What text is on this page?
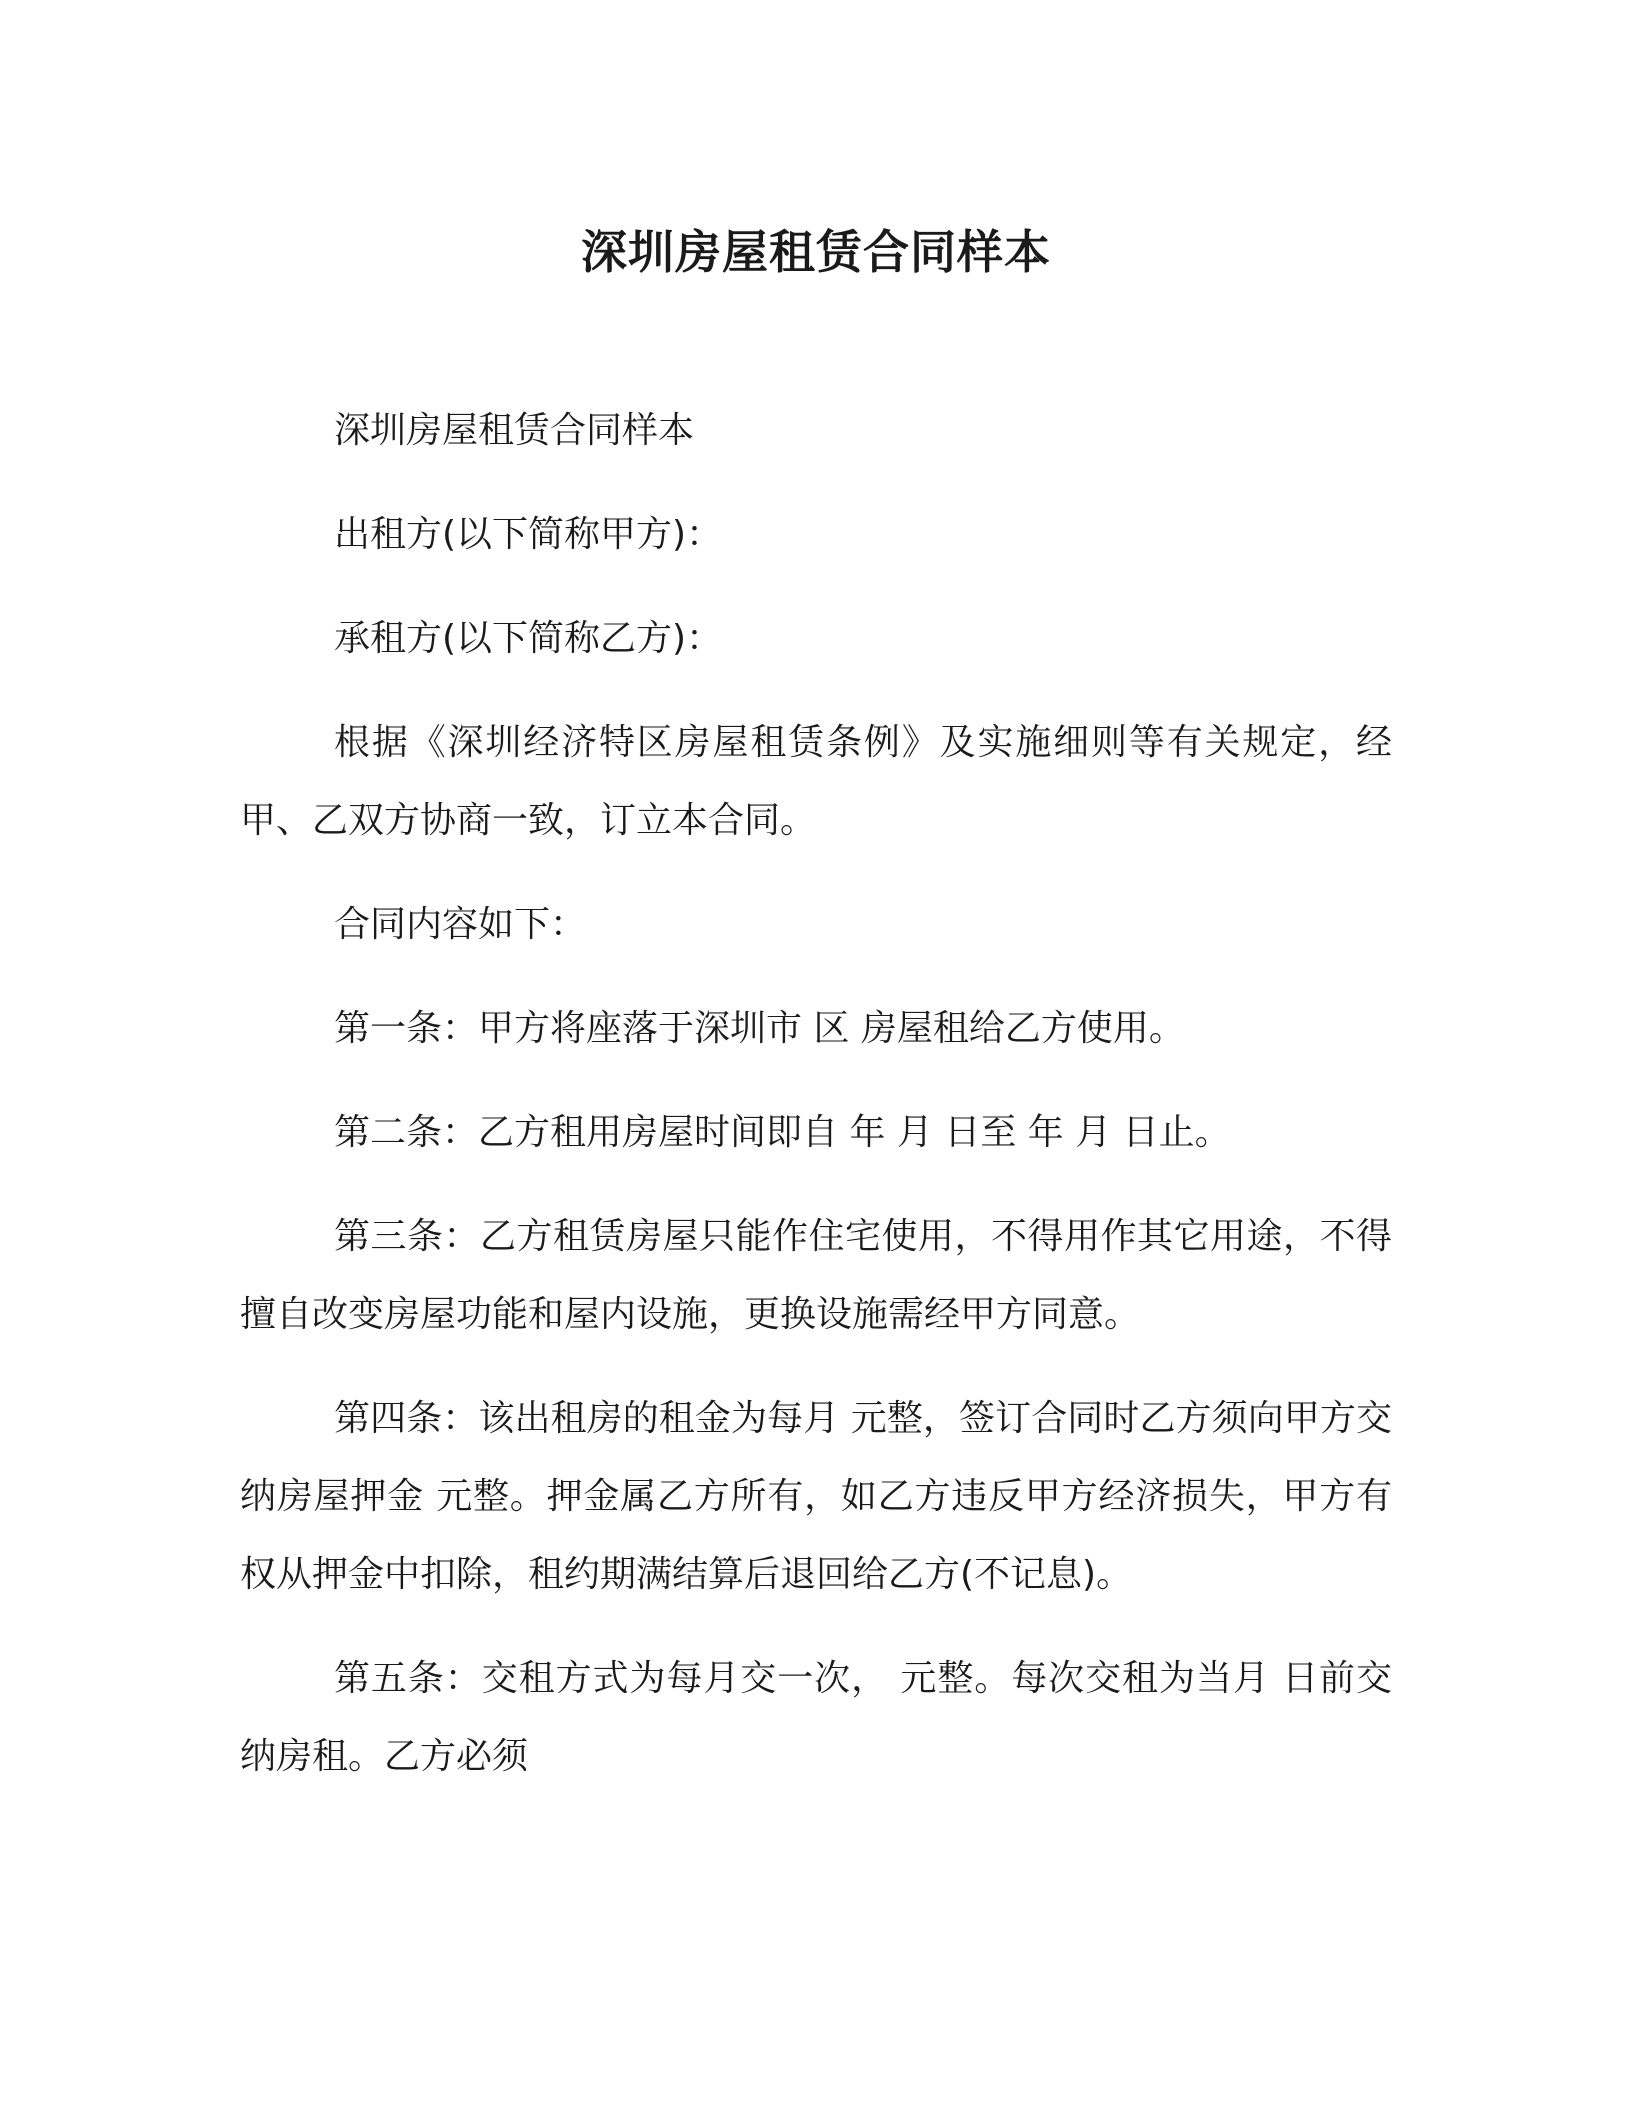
深圳房屋租赁合同样本

深圳房屋租赁合同样本

出租方(以下简称甲方)：

承租方(以下简称乙方)：

根据《深圳经济特区房屋租赁条例》及实施细则等有关规定，经甲、乙双方协商一致，订立本合同。

合同内容如下：

第一条：甲方将座落于深圳市 区 房屋租给乙方使用。

第二条：乙方租用房屋时间即自 年 月 日至 年 月 日止。

第三条：乙方租赁房屋只能作住宅使用，不得用作其它用途，不得擅自改变房屋功能和屋内设施，更换设施需经甲方同意。

第四条：该出租房的租金为每月 元整，签订合同时乙方须向甲方交纳房屋押金 元整。押金属乙方所有，如乙方违反甲方经济损失，甲方有权从押金中扣除，租约期满结算后退回给乙方(不记息)。

第五条：交租方式为每月交一次， 元整。每次交租为当月 日前交纳房租。乙方必须
